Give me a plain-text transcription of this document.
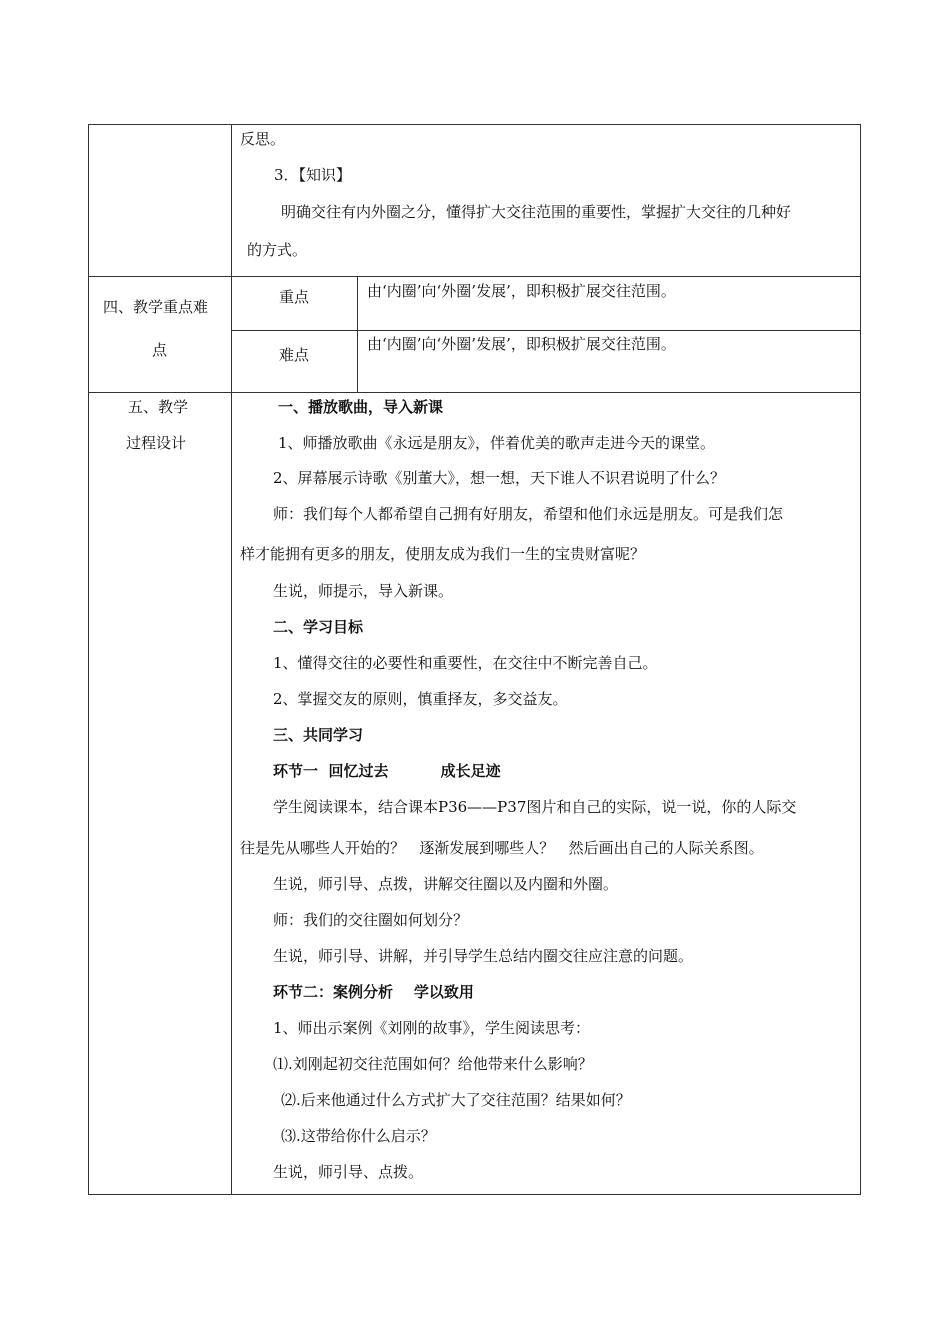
反思。
3．【知识】
明确交往有内外圈之分，懂得扩大交往范围的重要性，掌握扩大交往的几种好
的方式。
四、教学重点难
点
重点	由‘内圈’向‘外圈’发展’，即积极扩展交往范围。
难点
由‘内圈’向‘外圈’发展’，即积极扩展交往范围。
五、教学
过程设计
一、播放歌曲，导入新课
1、师播放歌曲《永远是朋友》，伴着优美的歌声走进今天的课堂。
2、屏幕展示诗歌《别董大》，想一想，天下谁人不识君说明了什么？
师：我们每个人都希望自己拥有好朋友，希望和他们永远是朋友。可是我们怎
样才能拥有更多的朋友，使朋友成为我们一生的宝贵财富呢？
生说，师提示，导入新课。
二、学习目标
1、懂得交往的必要性和重要性，在交往中不断完善自己。
2、掌握交友的原则，慎重择友，多交益友。
三、共同学习
环节一  回忆过去          成长足迹
学生阅读课本，结合课本P36——P37图片和自己的实际，说一说，你的人际交
往是先从哪些人开始的？   逐渐发展到哪些人？   然后画出自己的人际关系图。
生说，师引导、点拨，讲解交往圈以及内圈和外圈。
师：我们的交往圈如何划分？
生说，师引导、讲解，并引导学生总结内圈交往应注意的问题。
环节二：案例分析    学以致用
1、师出示案例《刘刚的故事》，学生阅读思考：
⑴.刘刚起初交往范围如何？给他带来什么影响？
⑵.后来他通过什么方式扩大了交往范围？结果如何？
⑶.这带给你什么启示？
生说，师引导、点拨。
